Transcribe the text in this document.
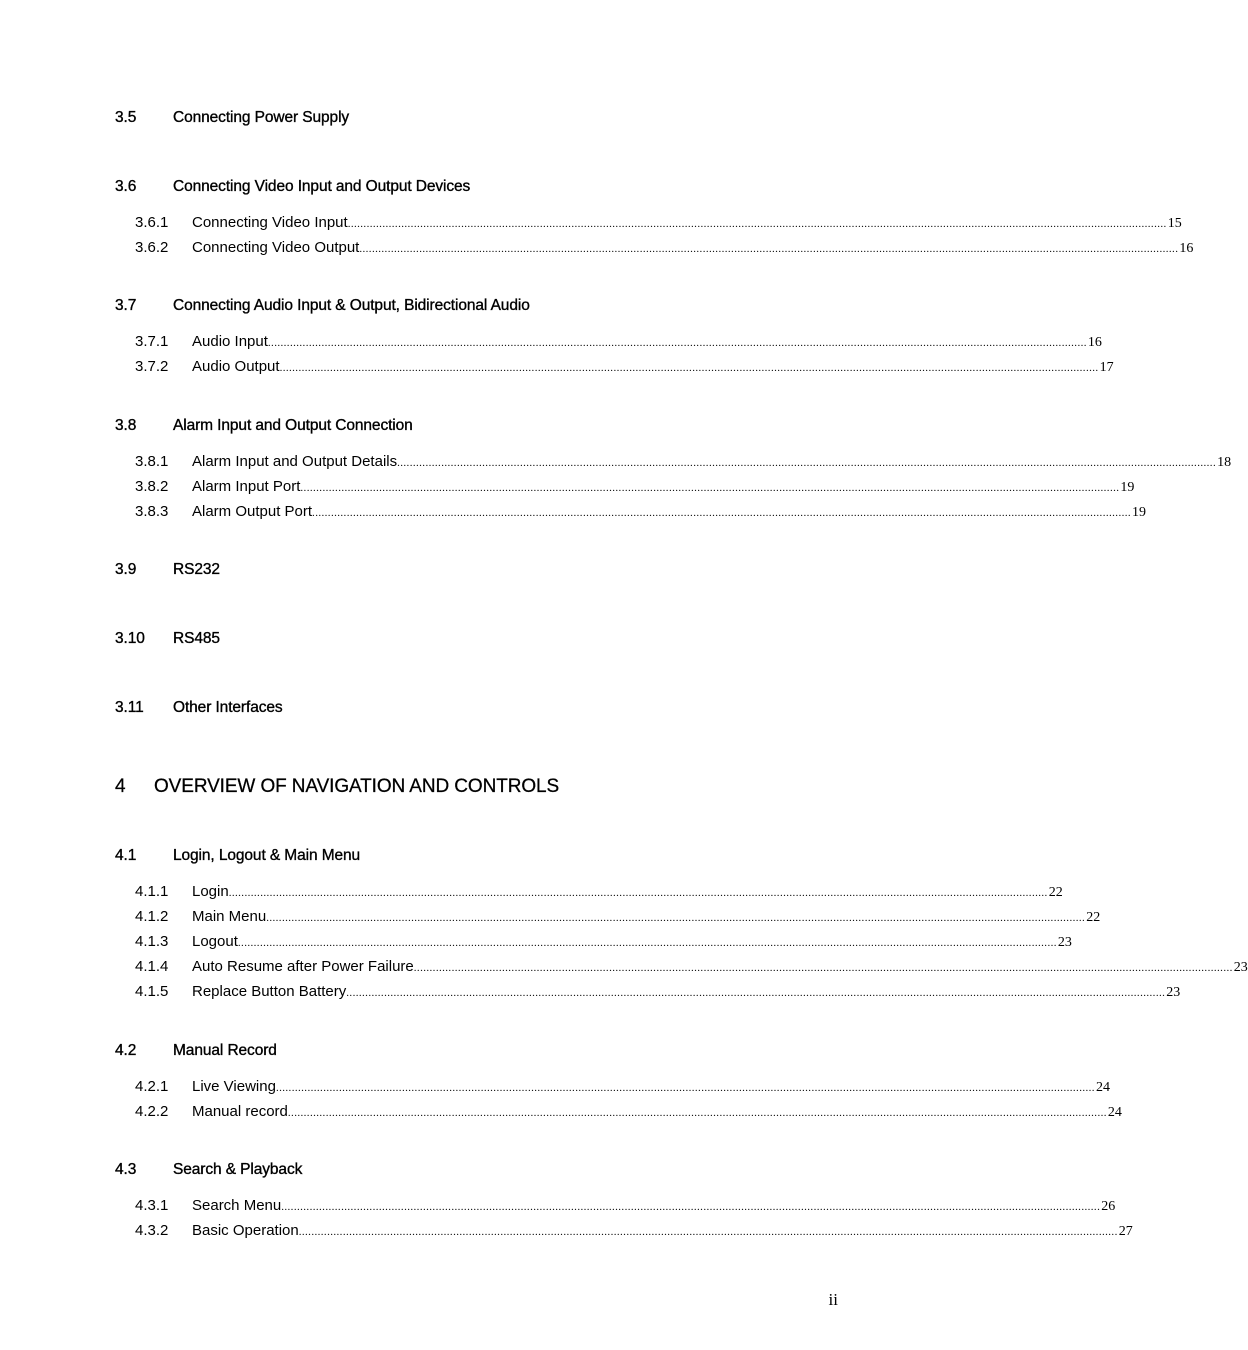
3.5 Connecting Power Supply
3.6 Connecting Video Input and Output Devices
3.6.1 Connecting Video Input .................................................................................................................................................................................................................................................................... 15
3.6.2 Connecting Video Output .................................................................................................................................................................................................................................................................... 16
3.7 Connecting Audio Input & Output, Bidirectional Audio
3.7.1 Audio Input .................................................................................................................................................................................................................................................................... 16
3.7.2 Audio Output .................................................................................................................................................................................................................................................................... 17
3.8 Alarm Input and Output Connection
3.8.1 Alarm Input and Output Details .................................................................................................................................................................................................................................................................... 18
3.8.2 Alarm Input Port .................................................................................................................................................................................................................................................................... 19
3.8.3 Alarm Output Port .................................................................................................................................................................................................................................................................... 19
3.9 RS232
3.10 RS485
3.11 Other Interfaces
4 OVERVIEW OF NAVIGATION AND CONTROLS
4.1 Login, Logout & Main Menu
4.1.1 Login .................................................................................................................................................................................................................................................................... 22
4.1.2 Main Menu .................................................................................................................................................................................................................................................................... 22
4.1.3 Logout .................................................................................................................................................................................................................................................................... 23
4.1.4 Auto Resume after Power Failure .................................................................................................................................................................................................................................................................... 23
4.1.5 Replace Button Battery .................................................................................................................................................................................................................................................................... 23
4.2 Manual Record
4.2.1 Live Viewing .................................................................................................................................................................................................................................................................... 24
4.2.2 Manual record .................................................................................................................................................................................................................................................................... 24
4.3 Search & Playback
4.3.1 Search Menu .................................................................................................................................................................................................................................................................... 26
4.3.2 Basic Operation .................................................................................................................................................................................................................................................................... 27
ii
